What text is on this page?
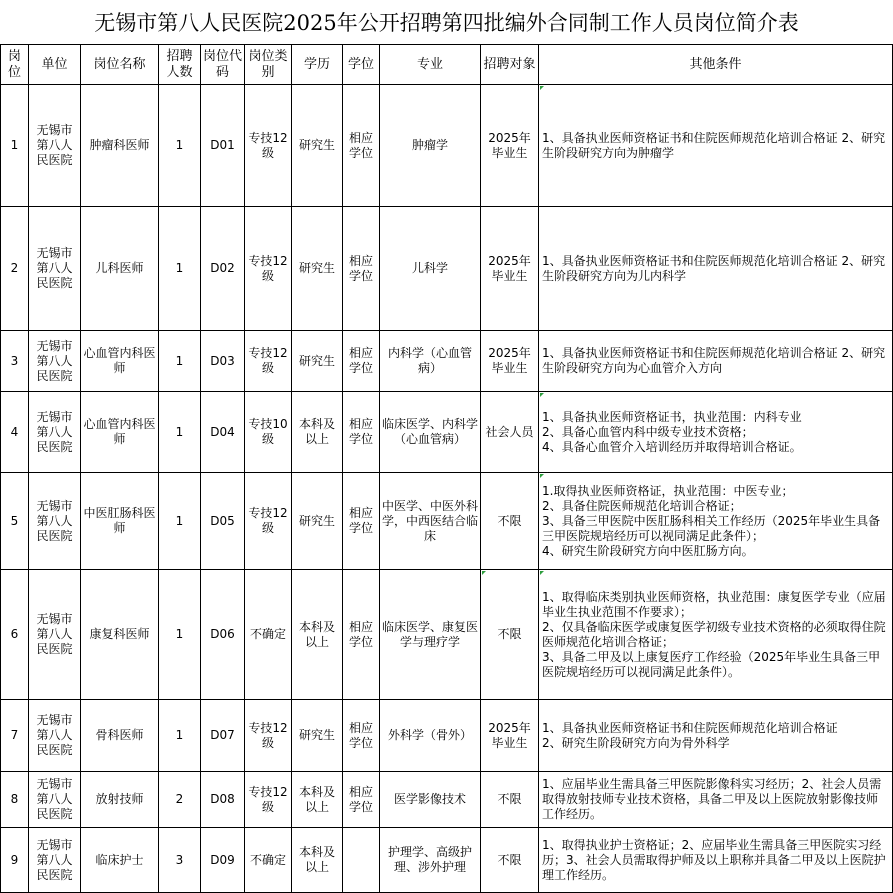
无锡市第八人民医院2025年公开招聘第四批编外合同制工作人员岗位简介表
岗位	单位	岗位名称	招聘人数	岗位代码	岗位类别	学历	学位	专业	招聘对象	其他条件
1	无锡市第八人民医院	肿瘤科医师	1	D01	专技12级	研究生	相应学位	肿瘤学	2025年毕业生	1、具备执业医师资格证书和住院医师规范化培训合格证 2、研究生阶段研究方向为肿瘤学
2	无锡市第八人民医院	儿科医师	1	D02	专技12级	研究生	相应学位	儿科学	2025年毕业生	1、具备执业医师资格证书和住院医师规范化培训合格证 2、研究生阶段研究方向为儿内科学
3	无锡市第八人民医院	心血管内科医师	1	D03	专技12级	研究生	相应学位	内科学（心血管病）	2025年毕业生	1、具备执业医师资格证书和住院医师规范化培训合格证 2、研究生阶段研究方向为心血管介入方向
4	无锡市第八人民医院	心血管内科医师	1	D04	专技10级	本科及以上	相应学位	临床医学、内科学（心血管病）	社会人员	1、具备执业医师资格证书，执业范围：内科专业
2、具备心血管内科中级专业技术资格；
4、具备心血管介入培训经历并取得培训合格证。
5	无锡市第八人民医院	中医肛肠科医师	1	D05	专技12级	研究生	相应学位	中医学、中医外科学，中西医结合临床	不限	1.取得执业医师资格证，执业范围：中医专业；
2、具备住院医师规范化培训合格证；
3、具备三甲医院中医肛肠科相关工作经历（2025年毕业生具备三甲医院规培经历可以视同满足此条件）；
4、研究生阶段研究方向中医肛肠方向。
6	无锡市第八人民医院	康复科医师	1	D06	不确定	本科及以上	相应学位	临床医学、康复医学与理疗学	不限	1、取得临床类别执业医师资格，执业范围：康复医学专业（应届毕业生执业范围不作要求）；
2、仅具备临床医学或康复医学初级专业技术资格的必须取得住院医师规范化培训合格证；
3、具备二甲及以上康复医疗工作经验（2025年毕业生具备三甲医院规培经历可以视同满足此条件）。
7	无锡市第八人民医院	骨科医师	1	D07	专技12级	研究生	相应学位	外科学（骨外）	2025年毕业生	1、具备执业医师资格证书和住院医师规范化培训合格证
2、研究生阶段研究方向为骨外科学
8	无锡市第八人民医院	放射技师	2	D08	专技12级	本科及以上	相应学位	医学影像技术	不限	1、应届毕业生需具备三甲医院影像科实习经历；2、社会人员需取得放射技师专业技术资格，具备二甲及以上医院放射影像技师工作经历。
9	无锡市第八人民医院	临床护士	3	D09	不确定	本科及以上		护理学、高级护理、涉外护理	不限	1、取得执业护士资格证；2、应届毕业生需具备三甲医院实习经历；3、社会人员需取得护师及以上职称并具备二甲及以上医院护理工作经历。
